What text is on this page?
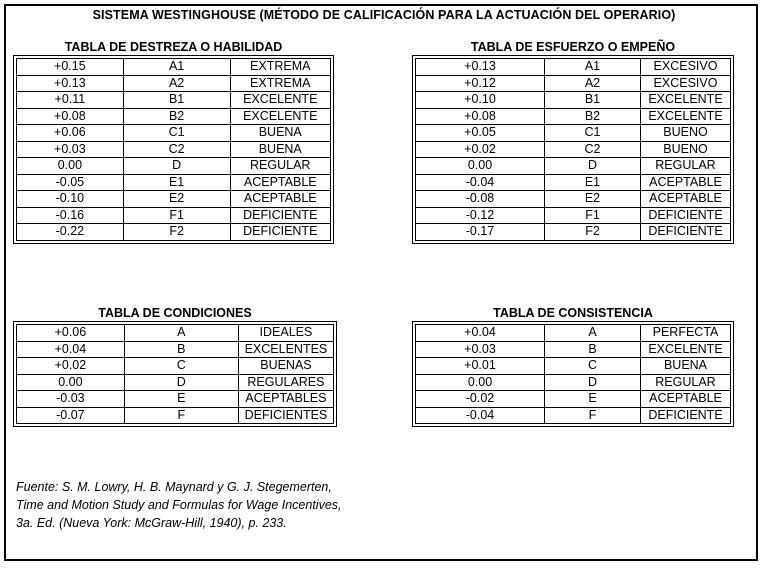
SISTEMA WESTINGHOUSE (MÉTODO DE CALIFICACIÓN PARA LA ACTUACIÓN DEL OPERARIO)
TABLA DE DESTREZA O HABILIDAD
+0.15	A1	EXTREMA
+0.13	A2	EXTREMA
+0.11	B1	EXCELENTE
+0.08	B2	EXCELENTE
+0.06	C1	BUENA
+0.03	C2	BUENA
0.00	D	REGULAR
-0.05	E1	ACEPTABLE
-0.10	E2	ACEPTABLE
-0.16	F1	DEFICIENTE
-0.22	F2	DEFICIENTE
TABLA DE ESFUERZO O EMPEÑO
+0.13	A1	EXCESIVO
+0.12	A2	EXCESIVO
+0.10	B1	EXCELENTE
+0.08	B2	EXCELENTE
+0.05	C1	BUENO
+0.02	C2	BUENO
0.00	D	REGULAR
-0.04	E1	ACEPTABLE
-0.08	E2	ACEPTABLE
-0.12	F1	DEFICIENTE
-0.17	F2	DEFICIENTE
TABLA DE CONDICIONES
+0.06	A	IDEALES
+0.04	B	EXCELENTES
+0.02	C	BUENAS
0.00	D	REGULARES
-0.03	E	ACEPTABLES
-0.07	F	DEFICIENTES
TABLA DE CONSISTENCIA
+0.04	A	PERFECTA
+0.03	B	EXCELENTE
+0.01	C	BUENA
0.00	D	REGULAR
-0.02	E	ACEPTABLE
-0.04	F	DEFICIENTE
Fuente: S. M. Lowry, H. B. Maynard y G. J. Stegemerten,
Time and Motion Study and Formulas for Wage Incentives,
3a. Ed. (Nueva York: McGraw-Hill, 1940), p. 233.
